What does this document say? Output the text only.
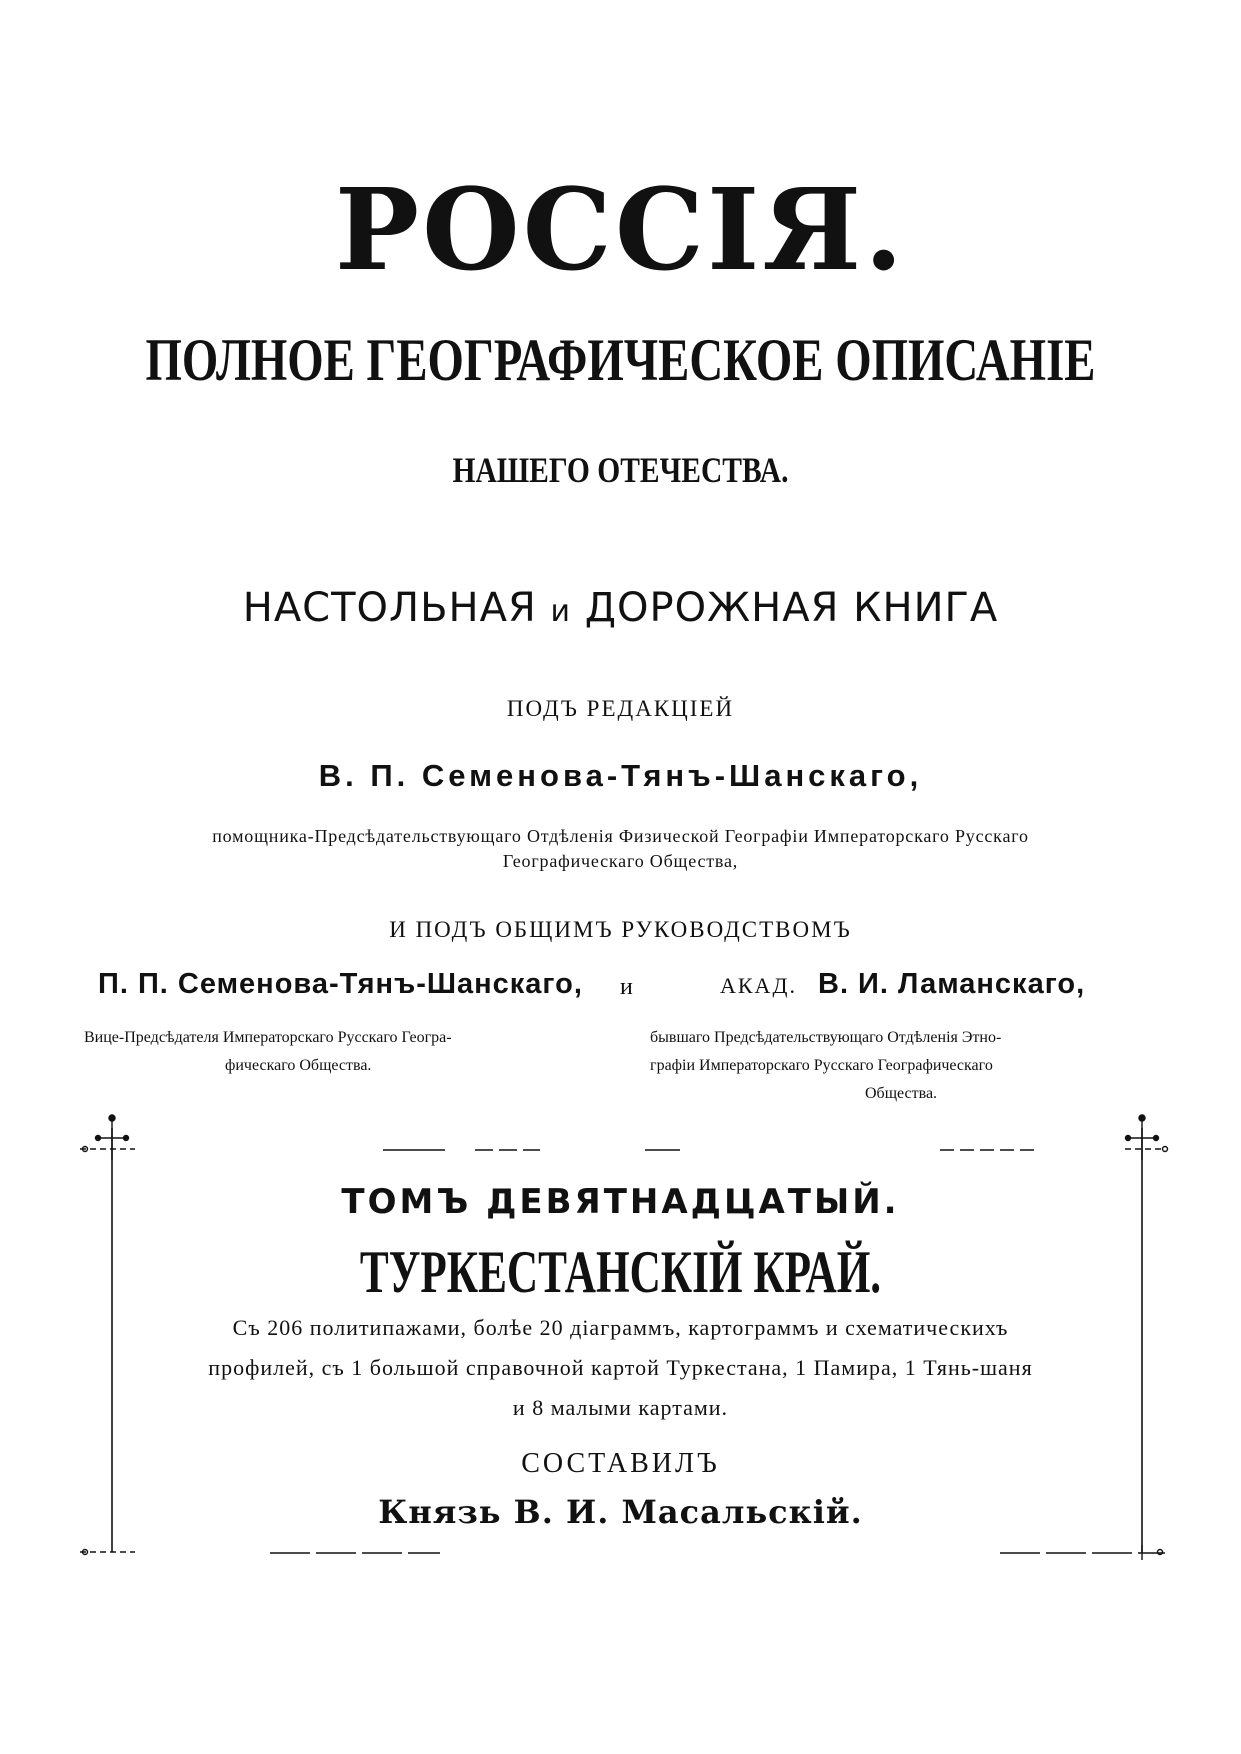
РОССІЯ.
ПОЛНОЕ ГЕОГРАФИЧЕСКОЕ ОПИСАНІЕ
НАШЕГО ОТЕЧЕСТВА.
НАСТОЛЬНАЯ и ДОРОЖНАЯ КНИГА
ПОДЪ РЕДАКЦІЕЙ
В. П. Семенова-Тянъ-Шанскаго,
помощника-Предсѣдательствующаго Отдѣленія Физической Географіи Императорскаго Русскаго
Географическаго Общества,
И ПОДЪ ОБЩИМЪ РУКОВОДСТВОМЪ
П. П. Семенова-Тянъ-Шанскаго, и	АКАД. В. И. Ламанскаго,
Вице-Предсѣдателя Императорскаго Русскаго Геогра-
фическаго Общества.
бывшаго Предсѣдательствующаго Отдѣленія Этно-
графіи Императорскаго Русскаго Географическаго
Общества.
ТОМЪ ДЕВЯТНАДЦАТЫЙ.
ТУРКЕСТАНСКІЙ КРАЙ.
Съ 206 политипажами, болѣе 20 діаграммъ, картограммъ и схематическихъ
профилей, съ 1 большой справочной картой Туркестана, 1 Памира, 1 Тянь-шаня
и 8 малыми картами.
СОСТАВИЛЪ
Князь В. И. Масальскій.
